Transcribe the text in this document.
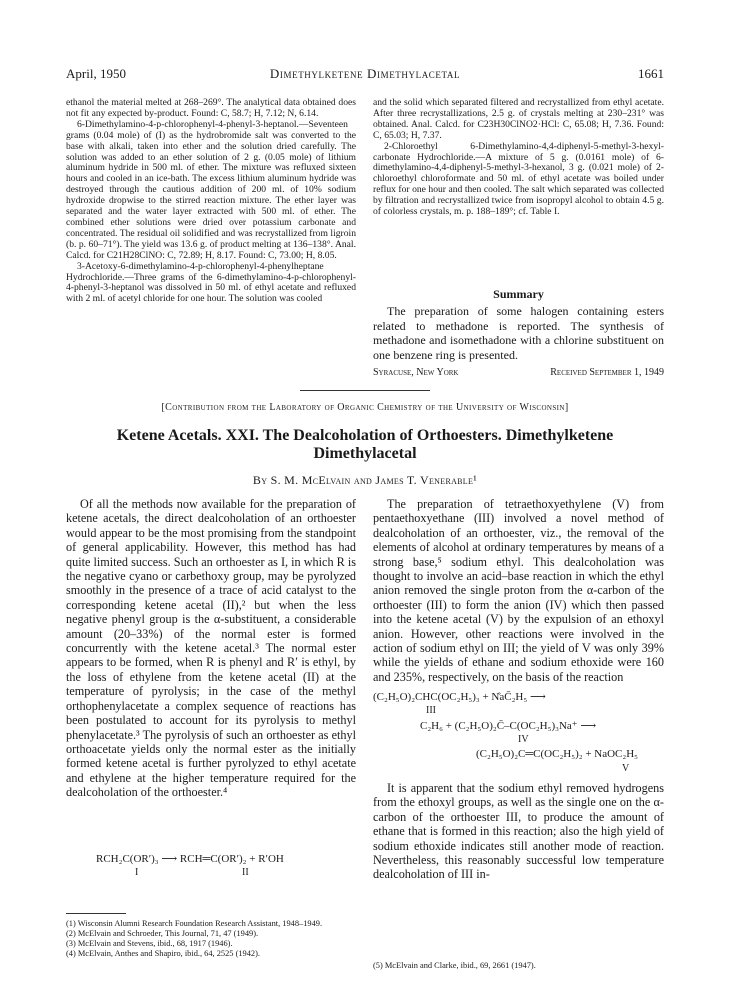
April, 1950	Dimethylketene Dimethylacetal	1661

ethanol the material melted at 268–269°. The analytical data obtained does not fit any expected by-product. Found: C, 58.7; H, 7.12; N, 6.14.

6-Dimethylamino-4-p-chlorophenyl-4-phenyl-3-heptanol.—Seventeen grams (0.04 mole) of (I) as the hydrobromide salt was converted to the base with alkali, taken into ether and the solution dried carefully. The solution was added to an ether solution of 2 g. (0.05 mole) of lithium aluminum hydride in 500 ml. of ether. The mixture was refluxed sixteen hours and cooled in an ice-bath. The excess lithium aluminum hydride was destroyed through the cautious addition of 200 ml. of 10% sodium hydroxide dropwise to the stirred reaction mixture. The ether layer was separated and the water layer extracted with 500 ml. of ether. The combined ether solutions were dried over potassium carbonate and concentrated. The residual oil solidified and was recrystallized from ligroin (b. p. 60–71°). The yield was 13.6 g. of product melting at 136–138°. Anal. Calcd. for C21H28ClNO: C, 72.89; H, 8.17. Found: C, 73.00; H, 8.05.

3-Acetoxy-6-dimethylamino-4-p-chlorophenyl-4-phenylheptane Hydrochloride.—Three grams of the 6-dimethylamino-4-p-chlorophenyl-4-phenyl-3-heptanol was dissolved in 50 ml. of ethyl acetate and refluxed with 2 ml. of acetyl chloride for one hour. The solution was cooled

and the solid which separated filtered and recrystallized from ethyl acetate. After three recrystallizations, 2.5 g. of crystals melting at 230–231° was obtained. Anal. Calcd. for C23H30ClNO2·HCl: C, 65.08; H, 7.36. Found: C, 65.03; H, 7.37.

2-Chloroethyl 6-Dimethylamino-4,4-diphenyl-5-methyl-3-hexyl-carbonate Hydrochloride.—A mixture of 5 g. (0.0161 mole) of 6-dimethylamino-4,4-diphenyl-5-methyl-3-hexanol, 3 g. (0.021 mole) of 2-chloroethyl chloroformate and 50 ml. of ethyl acetate was boiled under reflux for one hour and then cooled. The salt which separated was collected by filtration and recrystallized twice from isopropyl alcohol to obtain 4.5 g. of colorless crystals, m. p. 188–189°; cf. Table I.

Summary

The preparation of some halogen containing esters related to methadone is reported. The synthesis of methadone and isomethadone with a chlorine substituent on one benzene ring is presented.

Syracuse, New York	Received September 1, 1949
[Contribution from the Laboratory of Organic Chemistry of the University of Wisconsin]
Ketene Acetals. XXI. The Dealcoholation of Orthoesters. Dimethylketene
Dimethylacetal
By S. M. McElvain and James T. Venerable¹

Of all the methods now available for the preparation of ketene acetals, the direct dealcoholation of an orthoester would appear to be the most promising from the standpoint of general applicability. However, this method has had quite limited success. Such an orthoester as I, in which R is the negative cyano or carbethoxy group, may be pyrolyzed smoothly in the presence of a trace of acid catalyst to the corresponding ketene acetal (II),² but when the less negative phenyl group is the α-substituent, a considerable amount (20–33%) of the normal ester is formed concurrently with the ketene acetal.³ The normal ester appears to be formed, when R is phenyl and R′ is ethyl, by the loss of ethylene from the ketene acetal (II) at the temperature of pyrolysis; in the case of the methyl orthophenylacetate a complex sequence of reactions has been postulated to account for its pyrolysis to methyl phenylacetate.³ The pyrolysis of such an orthoester as ethyl orthoacetate yields only the normal ester as the initially formed ketene acetal is further pyrolyzed to ethyl acetate and ethylene at the higher temperature required for the dealcoholation of the orthoester.⁴

RCH₂C(OR′)₃ ⟶ RCH═C(OR′)₂ + R′OH
I	II

The preparation of tetraethoxyethylene (V) from pentaethoxyethane (III) involved a novel method of dealcoholation of an orthoester, viz., the removal of the elements of alcohol at ordinary temperatures by means of a strong base,⁵ sodium ethyl. This dealcoholation was thought to involve an acid–base reaction in which the ethyl anion removed the single proton from the α-carbon of the orthoester (III) to form the anion (IV) which then passed into the ketene acetal (V) by the expulsion of an ethoxyl anion. However, other reactions were involved in the action of sodium ethyl on III; the yield of V was only 39% while the yields of ethane and sodium ethoxide were 160 and 235%, respectively, on the basis of the reaction

(C₂H₅O)₂CHC(OC₂H₅)₃ + N̊aC̄₂H₅ ⟶
III
C₂H₆ + (C₂H₅O)₂C̄–C(OC₂H₅)₃Na⁺ ⟶
IV
(C₂H₅O)₂C═C(OC₂H₅)₂ + NaOC₂H₅
V

It is apparent that the sodium ethyl removed hydrogens from the ethoxyl groups, as well as the single one on the α-carbon of the orthoester III, to produce the amount of ethane that is formed in this reaction; also the high yield of sodium ethoxide indicates still another mode of reaction. Nevertheless, this reasonably successful low temperature dealcoholation of III in-

(1) Wisconsin Alumni Research Foundation Research Assistant, 1948–1949.
(2) McElvain and Schroeder, This Journal, 71, 47 (1949).
(3) McElvain and Stevens, ibid., 68, 1917 (1946).
(4) McElvain, Anthes and Shapiro, ibid., 64, 2525 (1942).
(5) McElvain and Clarke, ibid., 69, 2661 (1947).
